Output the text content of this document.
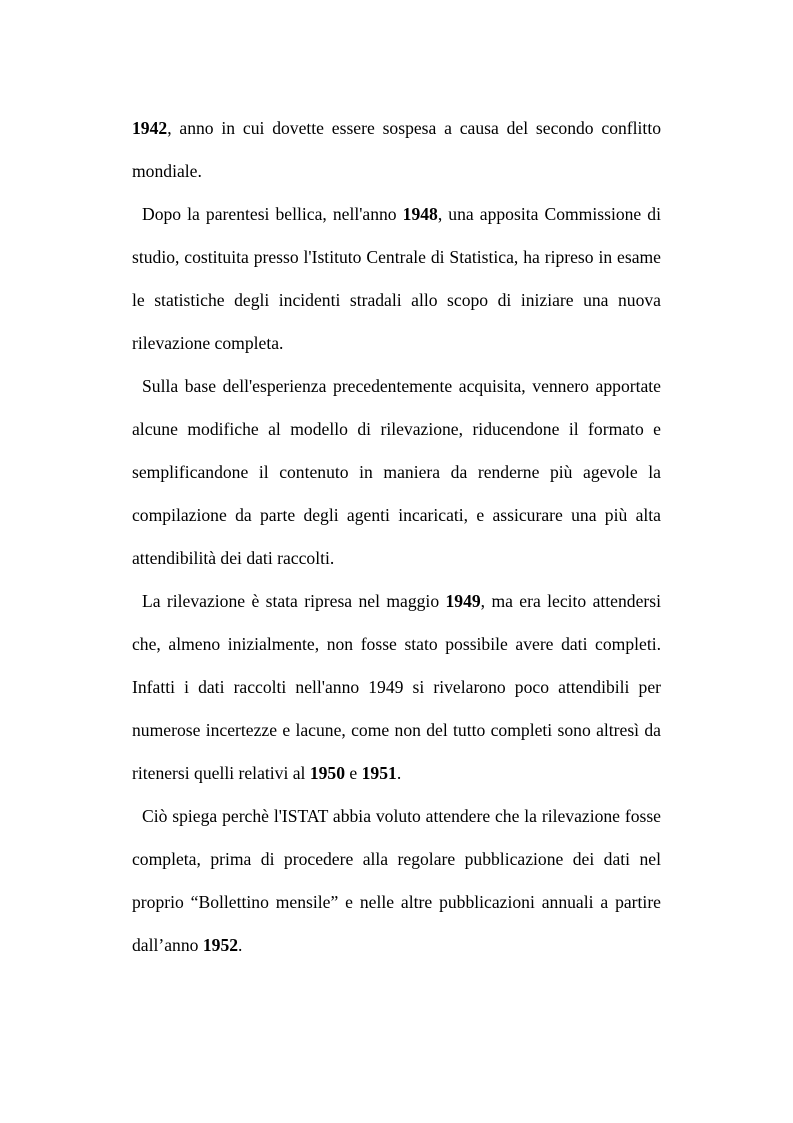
1942, anno in cui dovette essere sospesa a causa del secondo conflitto mondiale.

Dopo la parentesi bellica, nell'anno 1948, una apposita Commissione di studio, costituita presso l'Istituto Centrale di Statistica, ha ripreso in esame le statistiche degli incidenti stradali allo scopo di iniziare una nuova rilevazione completa.

Sulla base dell'esperienza precedentemente acquisita, vennero apportate alcune modifiche al modello di rilevazione, riducendone il formato e semplificandone il contenuto in maniera da renderne più agevole la compilazione da parte degli agenti incaricati, e assicurare una più alta attendibilità dei dati raccolti.

La rilevazione è stata ripresa nel maggio 1949, ma era lecito attendersi che, almeno inizialmente, non fosse stato possibile avere dati completi. Infatti i dati raccolti nell'anno 1949 si rivelarono poco attendibili per numerose incertezze e lacune, come non del tutto completi sono altresì da ritenersi quelli relativi al 1950 e 1951.

Ciò spiega perchè l'ISTAT abbia voluto attendere che la rilevazione fosse completa, prima di procedere alla regolare pubblicazione dei dati nel proprio “Bollettino mensile” e nelle altre pubblicazioni annuali a partire dall’anno 1952.
